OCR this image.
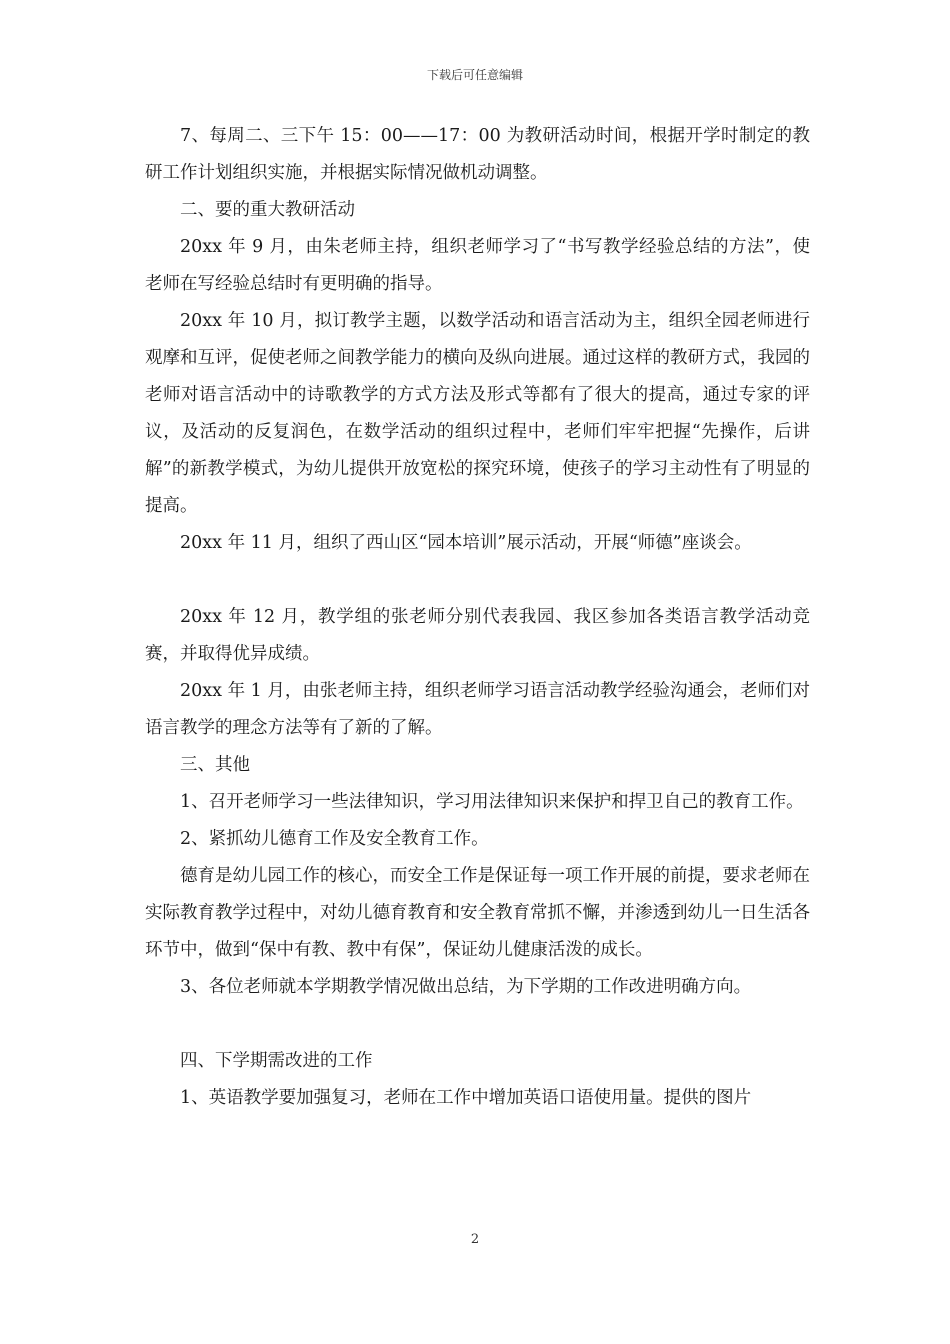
下载后可任意编辑

7、每周二、三下午 15：00——17：00 为教研活动时间，根据开学时制定的教研工作计划组织实施，并根据实际情况做机动调整。

二、要的重大教研活动

20xx 年 9 月，由朱老师主持，组织老师学习了“书写教学经验总结的方法”，使老师在写经验总结时有更明确的指导。

20xx 年 10 月，拟订教学主题，以数学活动和语言活动为主，组织全园老师进行观摩和互评，促使老师之间教学能力的横向及纵向进展。通过这样的教研方式，我园的老师对语言活动中的诗歌教学的方式方法及形式等都有了很大的提高，通过专家的评议，及活动的反复润色，在数学活动的组织过程中，老师们牢牢把握“先操作，后讲解”的新教学模式，为幼儿提供开放宽松的探究环境，使孩子的学习主动性有了明显的提高。

20xx 年 11 月，组织了西山区“园本培训”展示活动，开展“师德”座谈会。

20xx 年 12 月，教学组的张老师分别代表我园、我区参加各类语言教学活动竞赛，并取得优异成绩。

20xx 年 1 月，由张老师主持，组织老师学习语言活动教学经验沟通会，老师们对语言教学的理念方法等有了新的了解。

三、其他

1、召开老师学习一些法律知识，学习用法律知识来保护和捍卫自己的教育工作。

2、紧抓幼儿德育工作及安全教育工作。

德育是幼儿园工作的核心，而安全工作是保证每一项工作开展的前提，要求老师在实际教育教学过程中，对幼儿德育教育和安全教育常抓不懈，并渗透到幼儿一日生活各环节中，做到“保中有教、教中有保”，保证幼儿健康活泼的成长。

3、各位老师就本学期教学情况做出总结，为下学期的工作改进明确方向。

四、下学期需改进的工作

1、英语教学要加强复习，老师在工作中增加英语口语使用量。提供的图片

2
